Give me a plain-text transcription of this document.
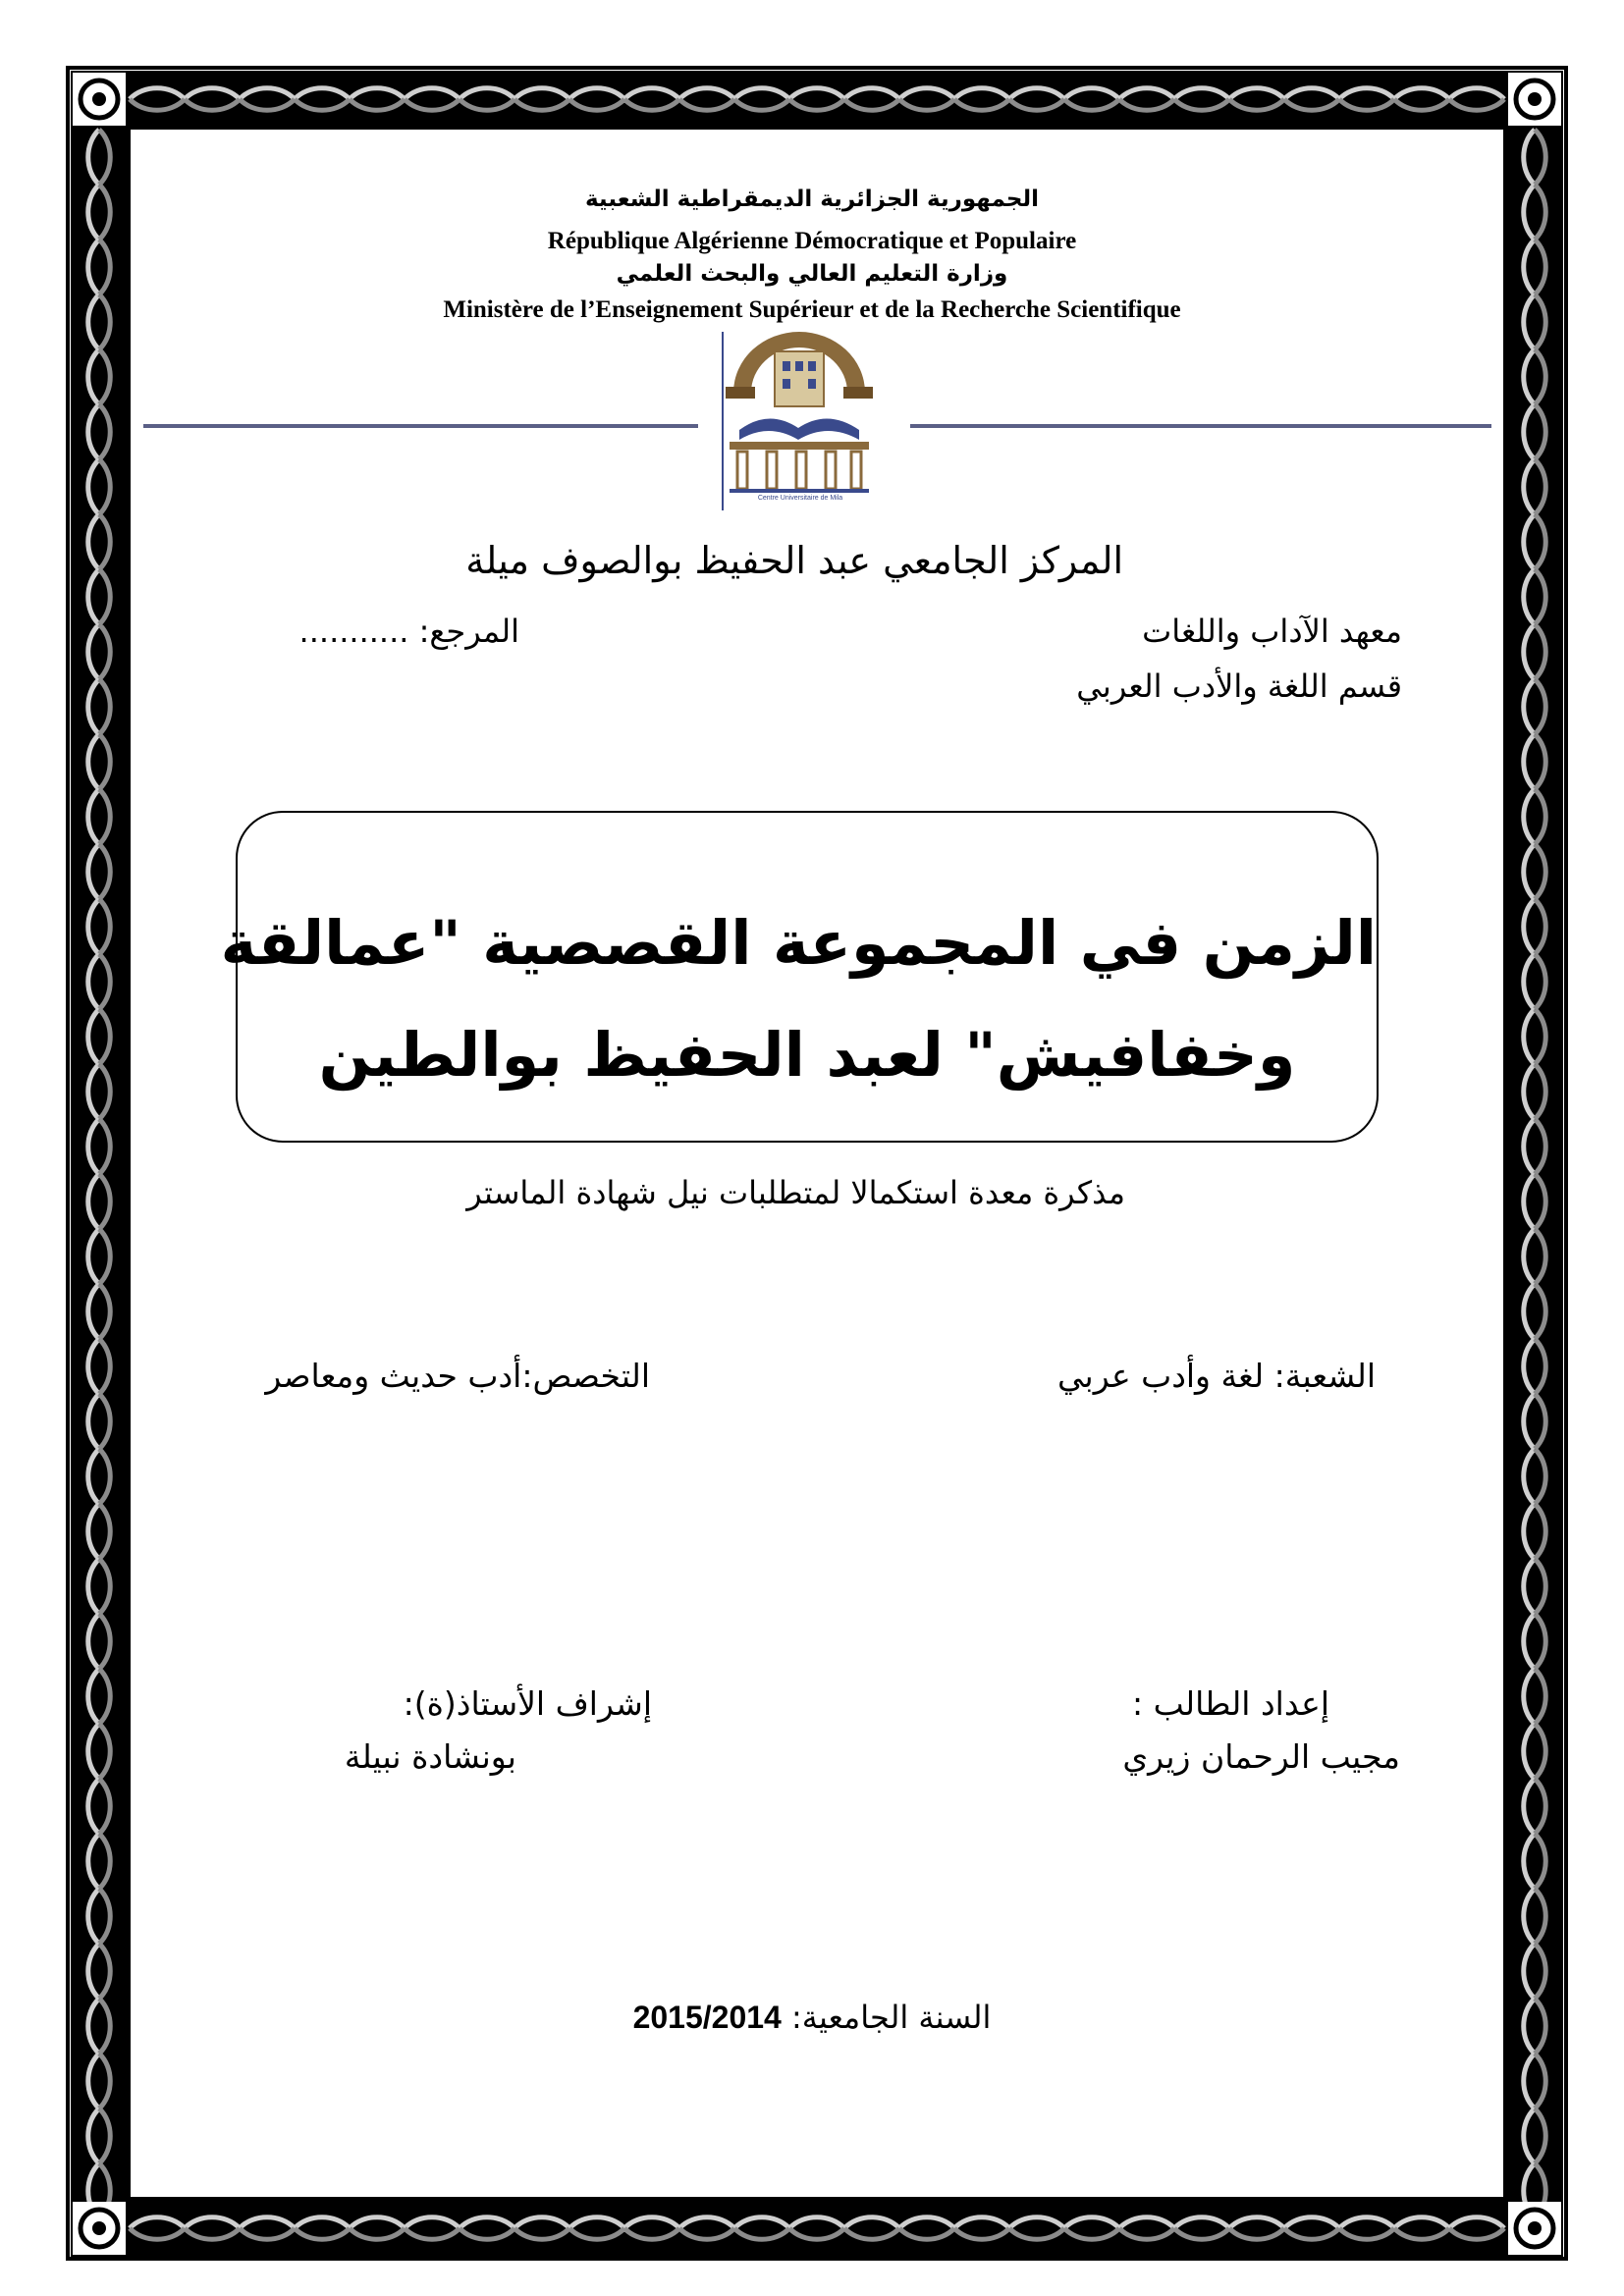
الجمهورية الجزائرية الديمقراطية الشعبية
République Algérienne Démocratique et Populaire
وزارة التعليم العالي والبحث العلمي
Ministère de l’Enseignement Supérieur et de la Recherche Scientifique
Centre Universitaire de Mila
المركز الجامعي عبد الحفيظ بوالصوف ميلة
معهد الآداب واللغات
المرجع: ...........
قسم اللغة والأدب العربي
الزمن في المجموعة القصصية "عمالقة
وخفافيش" لعبد الحفيظ بوالطين
مذكرة معدة استكمالا لمتطلبات نيل شهادة الماستر
الشعبة: لغة وأدب عربي
التخصص:أدب حديث ومعاصر
إعداد الطالب :
مجيب الرحمان زيري
إشراف الأستاذ(ة):
بونشادة نبيلة
السنة الجامعية: 2015/2014
